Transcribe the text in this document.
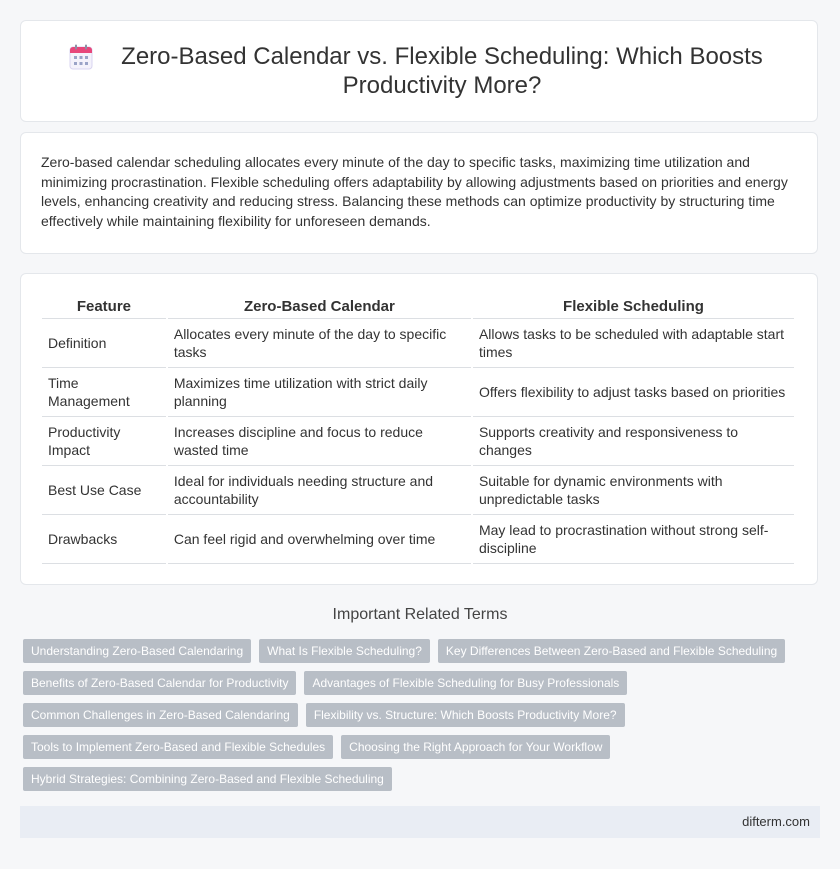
Zero-Based Calendar vs. Flexible Scheduling: Which Boosts Productivity More?

Zero-based calendar scheduling allocates every minute of the day to specific tasks, maximizing time utilization and minimizing procrastination. Flexible scheduling offers adaptability by allowing adjustments based on priorities and energy levels, enhancing creativity and reducing stress. Balancing these methods can optimize productivity by structuring time effectively while maintaining flexibility for unforeseen demands.

Feature	Zero-Based Calendar	Flexible Scheduling
Definition	Allocates every minute of the day to specific tasks	Allows tasks to be scheduled with adaptable start times
Time Management	Maximizes time utilization with strict daily planning	Offers flexibility to adjust tasks based on priorities
Productivity Impact	Increases discipline and focus to reduce wasted time	Supports creativity and responsiveness to changes
Best Use Case	Ideal for individuals needing structure and accountability	Suitable for dynamic environments with unpredictable tasks
Drawbacks	Can feel rigid and overwhelming over time	May lead to procrastination without strong self-discipline
Important Related Terms
Understanding Zero-Based Calendaring	What Is Flexible Scheduling?	Key Differences Between Zero-Based and Flexible Scheduling
Benefits of Zero-Based Calendar for Productivity	Advantages of Flexible Scheduling for Busy Professionals
Common Challenges in Zero-Based Calendaring	Flexibility vs. Structure: Which Boosts Productivity More?
Tools to Implement Zero-Based and Flexible Schedules	Choosing the Right Approach for Your Workflow
Hybrid Strategies: Combining Zero-Based and Flexible Scheduling
difterm.com
